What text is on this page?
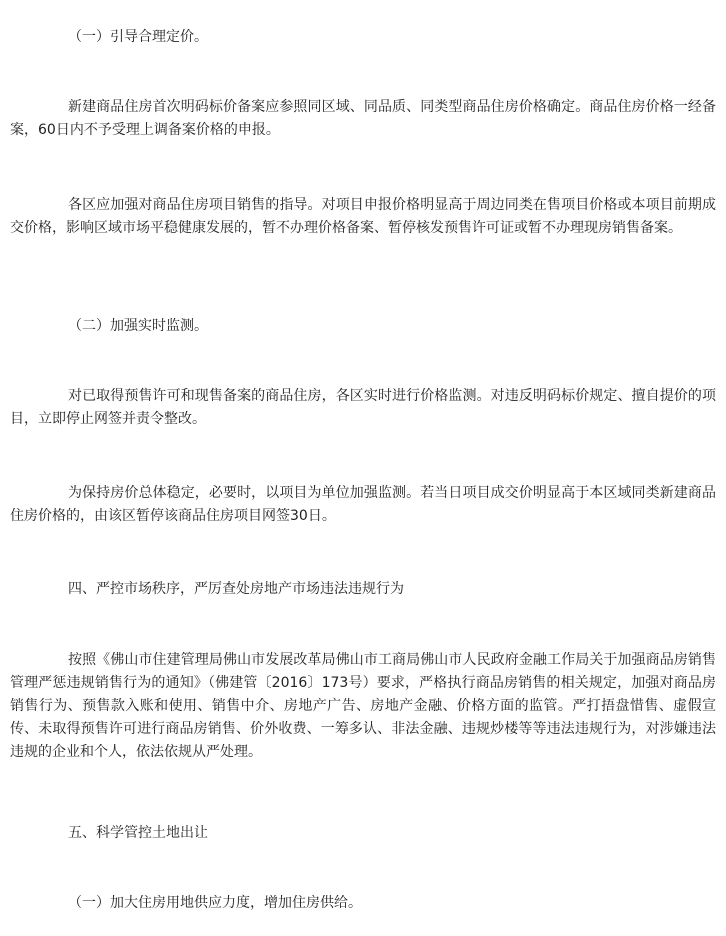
（一）引导合理定价。

新建商品住房首次明码标价备案应参照同区域、同品质、同类型商品住房价格确定。商品住房价格一经备案，60日内不予受理上调备案价格的申报。

各区应加强对商品住房项目销售的指导。对项目申报价格明显高于周边同类在售项目价格或本项目前期成交价格，影响区域市场平稳健康发展的，暂不办理价格备案、暂停核发预售许可证或暂不办理现房销售备案。

（二）加强实时监测。

对已取得预售许可和现售备案的商品住房，各区实时进行价格监测。对违反明码标价规定、擅自提价的项目，立即停止网签并责令整改。

为保持房价总体稳定，必要时，以项目为单位加强监测。若当日项目成交价明显高于本区域同类新建商品住房价格的，由该区暂停该商品住房项目网签30日。

四、严控市场秩序，严厉查处房地产市场违法违规行为

按照《佛山市住建管理局佛山市发展改革局佛山市工商局佛山市人民政府金融工作局关于加强商品房销售管理严惩违规销售行为的通知》（佛建管〔2016〕173号）要求，严格执行商品房销售的相关规定，加强对商品房销售行为、预售款入账和使用、销售中介、房地产广告、房地产金融、价格方面的监管。严打捂盘惜售、虚假宣传、未取得预售许可进行商品房销售、价外收费、一筹多认、非法金融、违规炒楼等等违法违规行为，对涉嫌违法违规的企业和个人，依法依规从严处理。

五、科学管控土地出让

（一）加大住房用地供应力度，增加住房供给。
